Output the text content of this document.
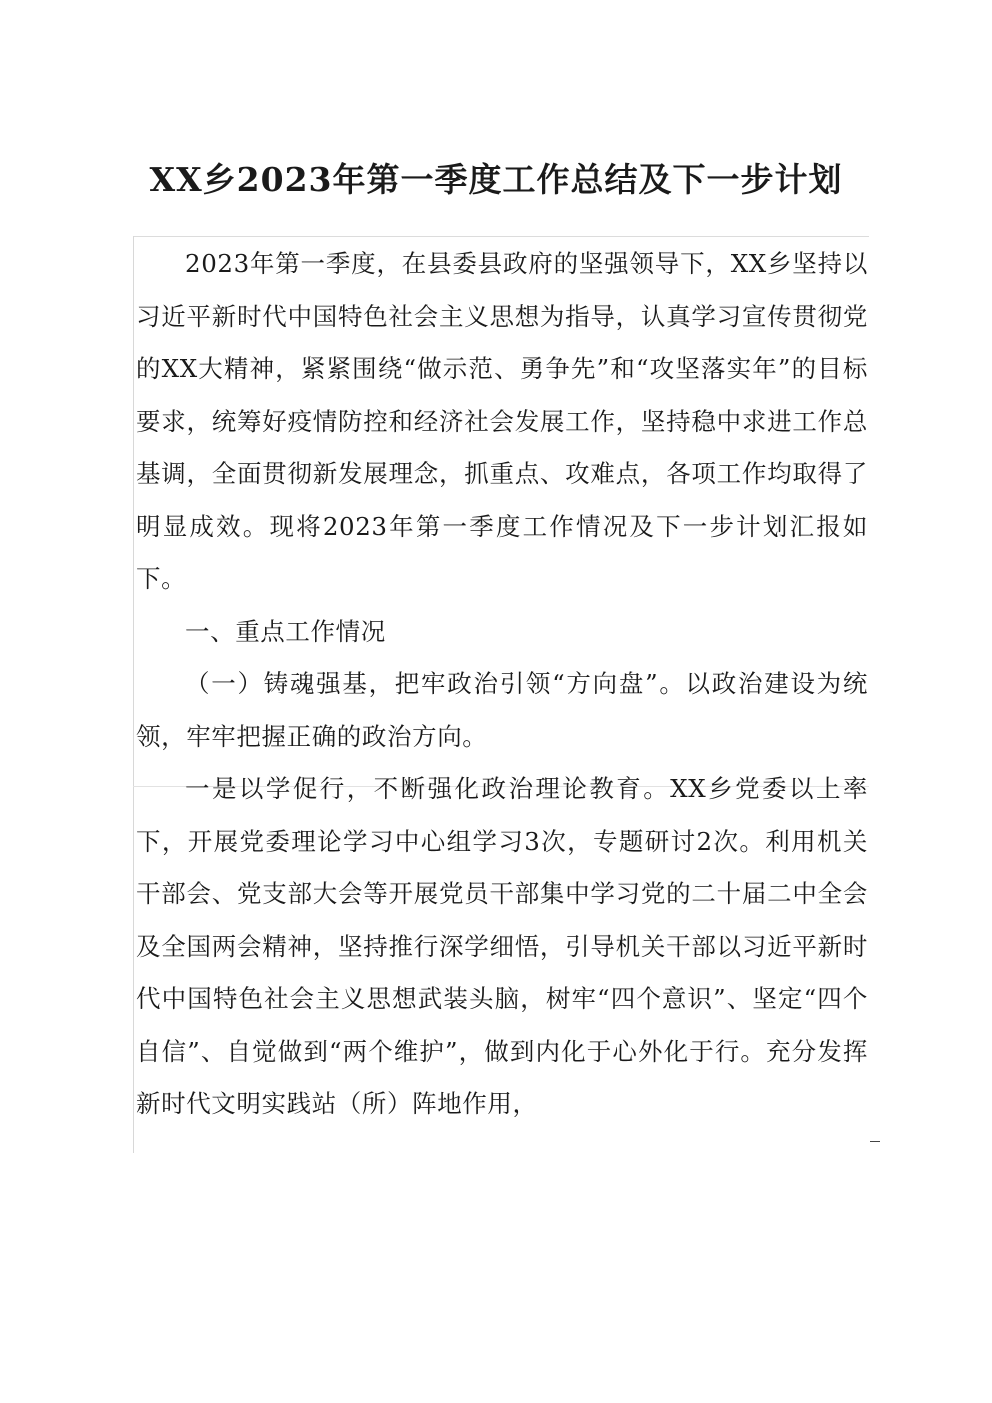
XX乡2023年第一季度工作总结及下一步计划

2023年第一季度，在县委县政府的坚强领导下，XX乡坚持以习近平新时代中国特色社会主义思想为指导，认真学习宣传贯彻党的XX大精神，紧紧围绕“做示范、勇争先”和“攻坚落实年”的目标要求，统筹好疫情防控和经济社会发展工作，坚持稳中求进工作总基调，全面贯彻新发展理念，抓重点、攻难点，各项工作均取得了明显成效。现将2023年第一季度工作情况及下一步计划汇报如下。

一、重点工作情况

（一）铸魂强基，把牢政治引领“方向盘”。以政治建设为统领，牢牢把握正确的政治方向。

一是以学促行，不断强化政治理论教育。XX乡党委以上率下，开展党委理论学习中心组学习3次，专题研讨2次。利用机关干部会、党支部大会等开展党员干部集中学习党的二十届二中全会及全国两会精神，坚持推行深学细悟，引导机关干部以习近平新时代中国特色社会主义思想武装头脑，树牢“四个意识”、坚定“四个自信”、自觉做到“两个维护”，做到内化于心外化于行。充分发挥新时代文明实践站（所）阵地作用，
